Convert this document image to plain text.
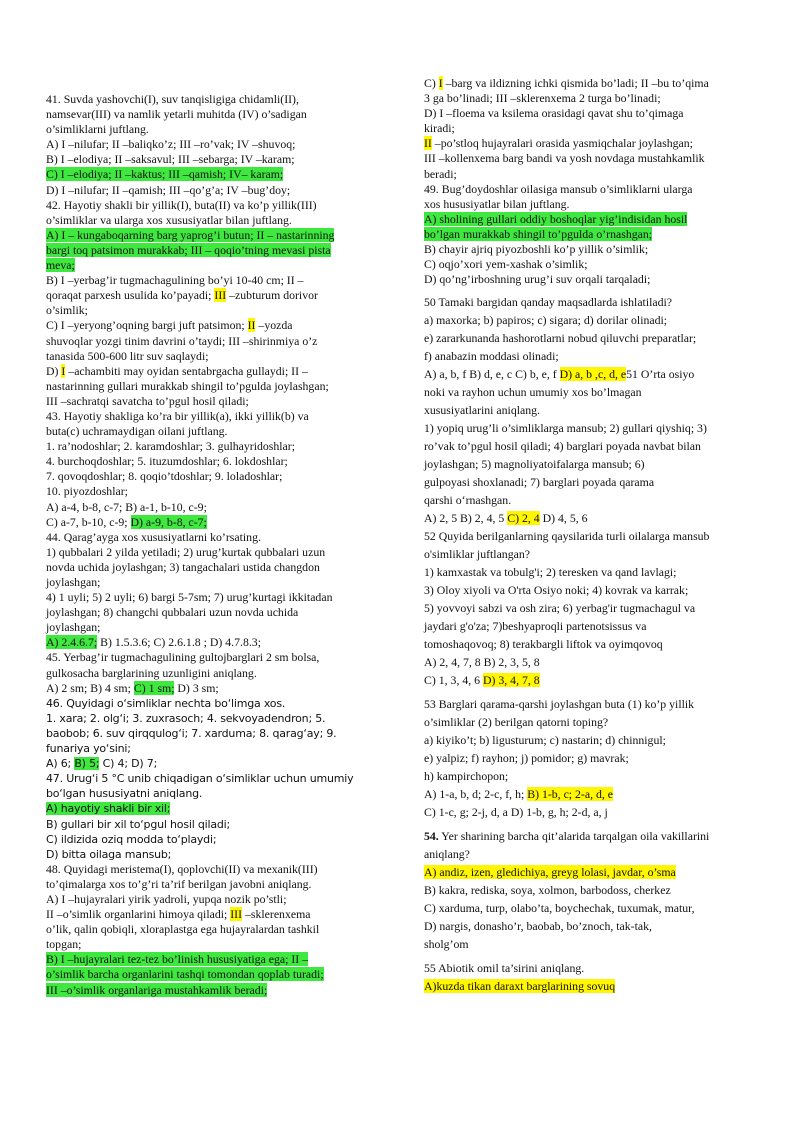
41. Suvda yashovchi(I), suv tanqisligiga chidamli(II),
namsevar(III) va namlik yetarli muhitda (IV) o’sadigan
o’simliklarni juftlang.
A) I –nilufar; II –baliqko’z; III –ro’vak; IV –shuvoq;
B) I –elodiya; II –saksavul; III –sebarga; IV –karam;
C) I –elodiya; II –kaktus; III –qamish; IV– karam;
D) I –nilufar; II –qamish; III –qo’g’a; IV –bug’doy;
42. Hayotiy shakli bir yillik(I), buta(II) va ko’p yillik(III)
o’simliklar va ularga xos xususiyatlar bilan juftlang.
A) I – kungaboqarning barg yaprog’i butun; II – nastarinning
bargi toq patsimon murakkab; III – qoqio’tning mevasi pista
meva;
B) I –yerbag’ir tugmachagulining bo’yi 10-40 cm; II –
qoraqat parxesh usulida ko’payadi; III –zubturum dorivor
o’simlik;
C) I –yeryong’oqning bargi juft patsimon; II –yozda
shuvoqlar yozgi tinim davrini o’taydi; III –shirinmiya o’z
tanasida 500-600 litr suv saqlaydi;
D) I –achambiti may oyidan sentabrgacha gullaydi; II –
nastarinning gullari murakkab shingil to’pgulda joylashgan;
III –sachratqi savatcha to’pgul hosil qiladi;
43. Hayotiy shakliga ko’ra bir yillik(a), ikki yillik(b) va
buta(c) uchramaydigan oilani juftlang.
1. ra’nodoshlar; 2. karamdoshlar; 3. gulhayridoshlar;
4. burchoqdoshlar; 5. ituzumdoshlar; 6. lokdoshlar;
7. qovoqdoshlar; 8. qoqio’tdoshlar; 9. loladoshlar;
10. piyozdoshlar;
A) a-4, b-8, c-7; B) a-1, b-10, c-9;
C) a-7, b-10, c-9; D) a-9, b-8, c-7;
44. Qarag’ayga xos xususiyatlarni ko’rsating.
1) qubbalari 2 yilda yetiladi; 2) urug’kurtak qubbalari uzun
novda uchida joylashgan; 3) tangachalari ustida changdon
joylashgan;
4) 1 uyli; 5) 2 uyli; 6) bargi 5-7sm; 7) urug’kurtagi ikkitadan
joylashgan; 8) changchi qubbalari uzun novda uchida
joylashgan;
A) 2.4.6.7; B) 1.5.3.6; C) 2.6.1.8 ; D) 4.7.8.3;
45. Yerbag’ir tugmachagulining gultojbarglari 2 sm bolsa,
gulkosacha barglarining uzunligini aniqlang.
A) 2 sm; B) 4 sm; C) 1 sm; D) 3 sm;
46. Quyidagi o‘simliklar nechta bo‘limga xos.
1. xara; 2. olg‘i; 3. zuxrasoch; 4. sekvoyadendron; 5.
baobob; 6. suv qirqqulog‘i; 7. xarduma; 8. qarag‘ay; 9.
funariya yo‘sini;
A) 6; B) 5; C) 4; D) 7;
47. Urug‘i 5 °C unib chiqadigan o‘simliklar uchun umumiy
bo‘lgan hususiyatni aniqlang.
A) hayotiy shakli bir xil;
B) gullari bir xil to‘pgul hosil qiladi;
C) ildizida oziq modda to‘playdi;
D) bitta oilaga mansub;
48. Quyidagi meristema(I), qoplovchi(II) va mexanik(III)
to’qimalarga xos to’g’ri ta’rif berilgan javobni aniqlang.
A) I –hujayralari yirik yadroli, yupqa nozik po’stli;
II –o’simlik organlarini himoya qiladi; III –sklerenxema
o’lik, qalin qobiqli, xloraplastga ega hujayralardan tashkil
topgan;
B) I –hujayralari tez-tez bo’linish hususiyatiga ega; II –
o’simlik barcha organlarini tashqi tomondan qoplab turadi;
III –o’simlik organlariga mustahkamlik beradi;
C) I –barg va ildizning ichki qismida bo’ladi; II –bu to’qima
3 ga bo’linadi; III –sklerenxema 2 turga bo’linadi;
D) I –floema va ksilema orasidagi qavat shu to’qimaga
kiradi;
II –po’stloq hujayralari orasida yasmiqchalar joylashgan;
III –kollenxema barg bandi va yosh novdaga mustahkamlik
beradi;
49. Bug’doydoshlar oilasiga mansub o’simliklarni ularga
xos hususiyatlar bilan juftlang.
A) sholining gullari oddiy boshoqlar yig’indisidan hosil
bo’lgan murakkab shingil to’pgulda o’rnashgan;
B) chayir ajriq piyozboshli ko’p yillik o’simlik;
C) oqjo’xori yem-xashak o’simlik;
D) qo’ng’irboshning urug’i suv orqali tarqaladi;
50 Tamaki bargidan qanday maqsadlarda ishlatiladi?
a) maxorka; b) papiros; c) sigara; d) dorilar olinadi;
e) zararkunanda hashorotlarni nobud qiluvchi preparatlar;
f) anabazin moddasi olinadi;
A) a, b, f B) d, e, c C) b, e, f D) a, b ,c, d, e51 O’rta osiyo
noki va rayhon uchun umumiy xos bo’lmagan
xususiyatlarini aniqlang.
1) yopiq urug’li o’simliklarga mansub; 2) gullari qiyshiq; 3)
ro’vak to’pgul hosil qiladi; 4) barglari poyada navbat bilan
joylashgan; 5) magnoliyatoifalarga mansub; 6)
gulpoyasi shoxlanadi; 7) barglari poyada qarama
qarshi o‘rnashgan.
A) 2, 5 B) 2, 4, 5 C) 2, 4 D) 4, 5, 6
52 Quyida berilganlarning qaysilarida turli oilalarga mansub
o'simliklar juftlangan?
1) kamxastak va tobulg'i; 2) teresken va qand lavlagi;
3) Oloy xiyoli va O'rta Osiyo noki; 4) kovrak va karrak;
5) yovvoyi sabzi va osh zira; 6) yerbag'ir tugmachagul va
jaydari g'o'za; 7)beshyaproqli partenotsissus va
tomoshaqovoq; 8) terakbargli liftok va oyimqovoq
A) 2, 4, 7, 8 B) 2, 3, 5, 8
C) 1, 3, 4, 6 D) 3, 4, 7, 8
53 Barglari qarama-qarshi joylashgan buta (1) ko’p yillik
o’simliklar (2) berilgan qatorni toping?
a) kiyiko’t; b) ligusturum; c) nastarin; d) chinnigul;
e) yalpiz; f) rayhon; j) pomidor; g) mavrak;
h) kampirchopon;
A) 1-a, b, d; 2-c, f, h; B) 1-b, c; 2-a, d, e
C) 1-c, g; 2-j, d, a D) 1-b, g, h; 2-d, a, j
54. Yer sharining barcha qit’alarida tarqalgan oila vakillarini
aniqlang?
A) andiz, izen, gledichiya, greyg lolasi, javdar, o’sma
B) kakra, rediska, soya, xolmon, barbodoss, cherkez
C) xarduma, turp, olabo’ta, boychechak, tuxumak, matur,
D) nargis, donasho’r, baobab, bo’znoch, tak-tak,
sholg’om
55 Abiotik omil ta’sirini aniqlang.
A)kuzda tikan daraxt barglarining sovuq
